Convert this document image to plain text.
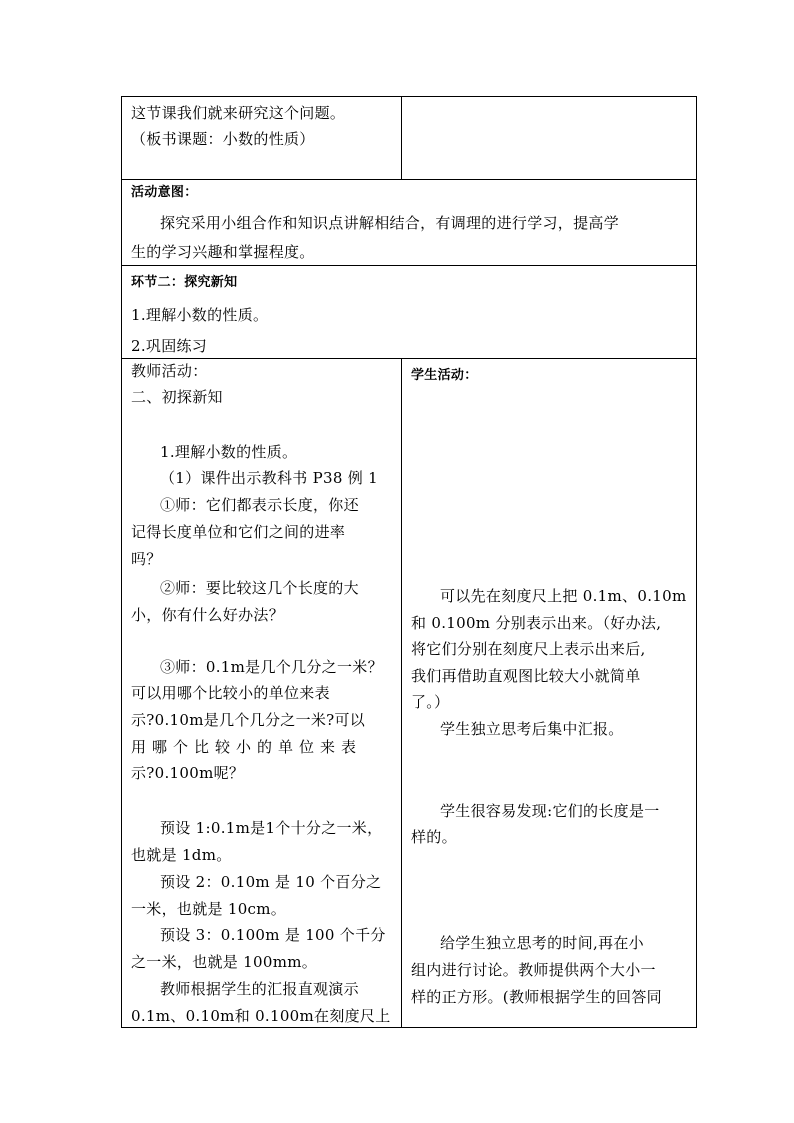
这节课我们就来研究这个问题。
（板书课题：小数的性质）
活动意图：
探究采用小组合作和知识点讲解相结合，有调理的进行学习，提高学
生的学习兴趣和掌握程度。
环节二：探究新知
1.理解小数的性质。
2.巩固练习
教师活动：	学生活动：
二、初探新知
1.理解小数的性质。
（1）课件出示教科书 P38 例 1
①师：它们都表示长度，你还
记得长度单位和它们之间的进率
吗？
②师：要比较这几个长度的大
小，你有什么好办法？
③师：0.1m是几个几分之一米？
可以用哪个比较小的单位来表
示?0.10m是几个几分之一米?可以
用哪个比较小的单位来表
示?0.100m呢？
预设 1:0.1m是1个十分之一米，
也就是 1dm。
预设 2：0.10m 是 10 个百分之
一米，也就是 10cm。
预设 3：0.100m 是 100 个千分
之一米，也就是 100mm。
教师根据学生的汇报直观演示
0.1m、0.10m和 0.100m在刻度尺上
可以先在刻度尺上把 0.1m、0.10m
和 0.100m 分别表示出来。（好办法,
将它们分别在刻度尺上表示出来后,
我们再借助直观图比较大小就简单
了。）
学生独立思考后集中汇报。
学生很容易发现:它们的长度是一
样的。
给学生独立思考的时间,再在小
组内进行讨论。教师提供两个大小一
样的正方形。(教师根据学生的回答同
